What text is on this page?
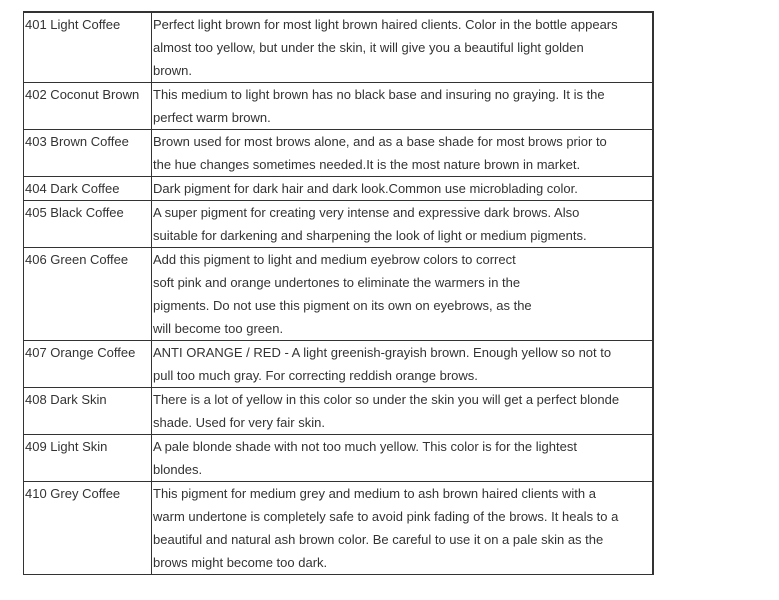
401 Light Coffee	Perfect light brown for most light brown haired clients. Color in the bottle appears
almost too yellow, but under the skin, it will give you a beautiful light golden
brown.

402 Coconut Brown	This medium to light brown has no black base and insuring no graying. It is the
perfect warm brown.

403 Brown Coffee	Brown used for most brows alone, and as a base shade for most brows prior to
the hue changes sometimes needed.It is the most nature brown in market.

404 Dark Coffee	Dark pigment for dark hair and dark look.Common use microblading color.

405 Black Coffee	A super pigment for creating very intense and expressive dark brows. Also
suitable for darkening and sharpening the look of light or medium pigments.

406 Green Coffee	Add this pigment to light and medium eyebrow colors to correct
soft pink and orange undertones to eliminate the warmers in the
pigments. Do not use this pigment on its own on eyebrows, as the
will become too green.

407 Orange Coffee	ANTI ORANGE / RED - A light greenish-grayish brown. Enough yellow so not to
pull too much gray. For correcting reddish orange brows.

408 Dark Skin	There is a lot of yellow in this color so under the skin you will get a perfect blonde
shade. Used for very fair skin.

409 Light Skin	A pale blonde shade with not too much yellow. This color is for the lightest
blondes.

410 Grey Coffee	This pigment for medium grey and medium to ash brown haired clients with a
warm undertone is completely safe to avoid pink fading of the brows. It heals to a
beautiful and natural ash brown color. Be careful to use it on a pale skin as the
brows might become too dark.
